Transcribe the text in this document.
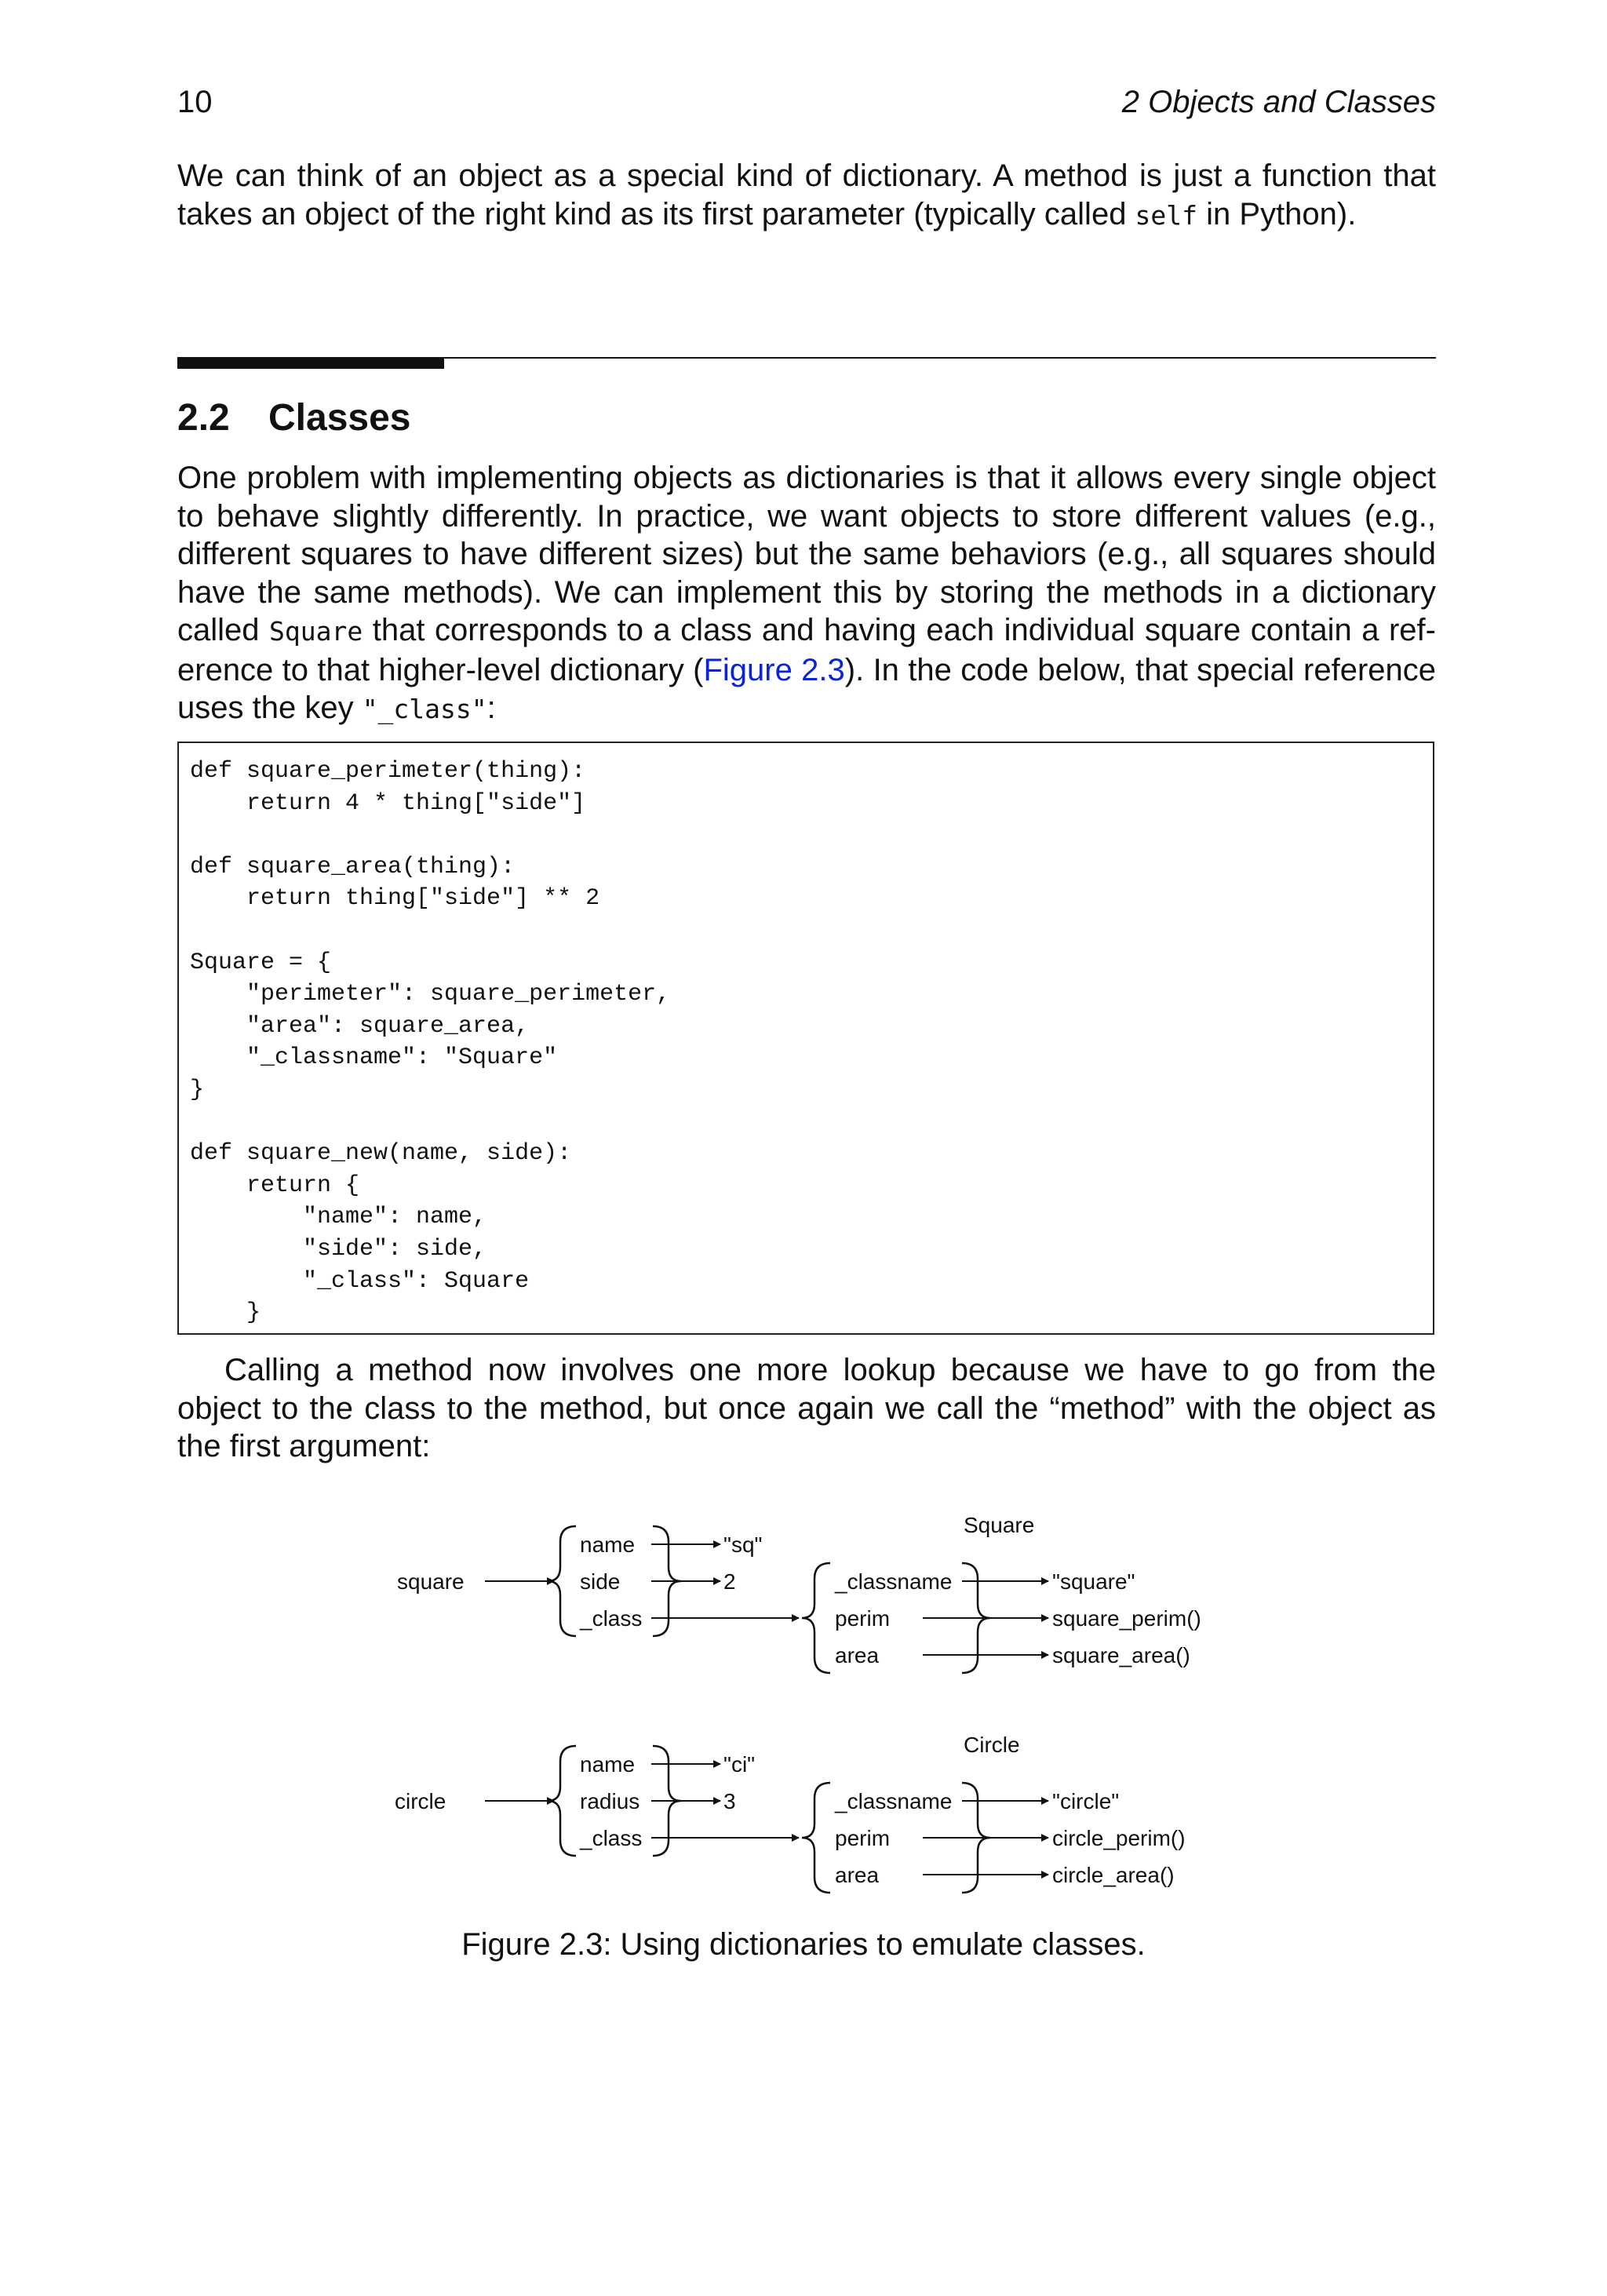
10	2 Objects and Classes

We can think of an object as a special kind of dictionary. A method is just a function that takes an object of the right kind as its first parameter (typically called self in Python).

2.2 Classes

One problem with implementing objects as dictionaries is that it allows every single object to behave slightly differently. In practice, we want objects to store different values (e.g., different squares to have different sizes) but the same behaviors (e.g., all squares should have the same methods). We can implement this by storing the methods in a dictionary called Square that corresponds to a class and having each individual square contain a ref-erence to that higher-level dictionary (Figure 2.3). In the code below, that special reference uses the key "_class":

def square_perimeter(thing):
return 4 * thing["side"]

def square_area(thing):
return thing["side"] ** 2

Square = {
"perimeter": square_perimeter,
"area": square_area,
"_classname": "Square"
}

def square_new(name, side):
return {
"name": name,
"side": side,
"_class": Square
}

Calling a method now involves one more lookup because we have to go from the object to the class to the method, but once again we call the “method” with the object as the first argument:

square
name
side
_class
"sq"
2
Square
_classname
perim
area
"square"
square_perim()
square_area()
circle
name
radius
_class
"ci"
3
Circle
_classname
perim
area
"circle"
circle_perim()
circle_area()
Figure 2.3: Using dictionaries to emulate classes.
